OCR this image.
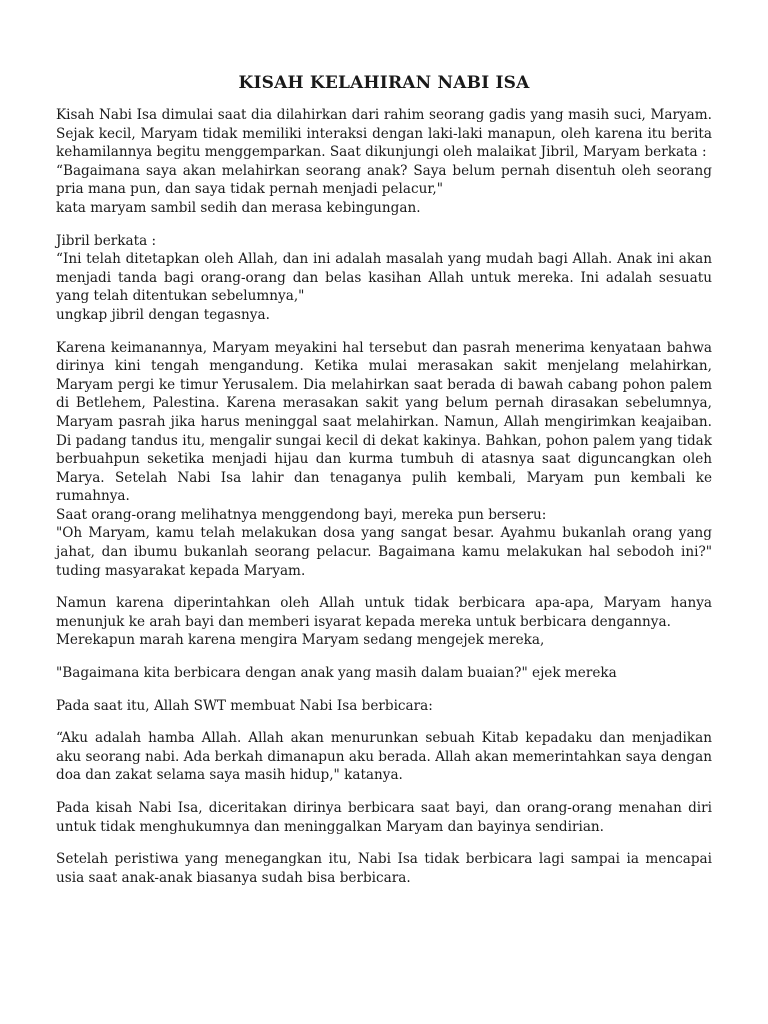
KISAH KELAHIRAN NABI ISA
Kisah Nabi Isa dimulai saat dia dilahirkan dari rahim seorang gadis yang masih suci, Maryam. Sejak kecil, Maryam tidak memiliki interaksi dengan laki-laki manapun, oleh karena itu berita kehamilannya begitu menggemparkan. Saat dikunjungi oleh malaikat Jibril, Maryam berkata :
“Bagaimana saya akan melahirkan seorang anak? Saya belum pernah disentuh oleh seorang pria mana pun, dan saya tidak pernah menjadi pelacur,"
kata maryam sambil sedih dan merasa kebingungan.
Jibril berkata :
“Ini telah ditetapkan oleh Allah, dan ini adalah masalah yang mudah bagi Allah. Anak ini akan menjadi tanda bagi orang-orang dan belas kasihan Allah untuk mereka. Ini adalah sesuatu yang telah ditentukan sebelumnya,"
ungkap jibril dengan tegasnya.
Karena keimanannya, Maryam meyakini hal tersebut dan pasrah menerima kenyataan bahwa dirinya kini tengah mengandung. Ketika mulai merasakan sakit menjelang melahirkan, Maryam pergi ke timur Yerusalem. Dia melahirkan saat berada di bawah cabang pohon palem di Betlehem, Palestina. Karena merasakan sakit yang belum pernah dirasakan sebelumnya, Maryam pasrah jika harus meninggal saat melahirkan. Namun, Allah mengirimkan keajaiban. Di padang tandus itu, mengalir sungai kecil di dekat kakinya. Bahkan, pohon palem yang tidak berbuahpun seketika menjadi hijau dan kurma tumbuh di atasnya saat diguncangkan oleh Marya. Setelah Nabi Isa lahir dan tenaganya pulih kembali, Maryam pun kembali ke rumahnya.
Saat orang-orang melihatnya menggendong bayi, mereka pun berseru:
"Oh Maryam, kamu telah melakukan dosa yang sangat besar. Ayahmu bukanlah orang yang jahat, dan ibumu bukanlah seorang pelacur. Bagaimana kamu melakukan hal sebodoh ini?" tuding masyarakat kepada Maryam.
Namun karena diperintahkan oleh Allah untuk tidak berbicara apa-apa, Maryam hanya menunjuk ke arah bayi dan memberi isyarat kepada mereka untuk berbicara dengannya.
Merekapun marah karena mengira Maryam sedang mengejek mereka,
"Bagaimana kita berbicara dengan anak yang masih dalam buaian?" ejek mereka
Pada saat itu, Allah SWT membuat Nabi Isa berbicara:
“Aku adalah hamba Allah. Allah akan menurunkan sebuah Kitab kepadaku dan menjadikan aku seorang nabi. Ada berkah dimanapun aku berada. Allah akan memerintahkan saya dengan doa dan zakat selama saya masih hidup," katanya.
Pada kisah Nabi Isa, diceritakan dirinya berbicara saat bayi, dan orang-orang menahan diri untuk tidak menghukumnya dan meninggalkan Maryam dan bayinya sendirian.
Setelah peristiwa yang menegangkan itu, Nabi Isa tidak berbicara lagi sampai ia mencapai usia saat anak-anak biasanya sudah bisa berbicara.
